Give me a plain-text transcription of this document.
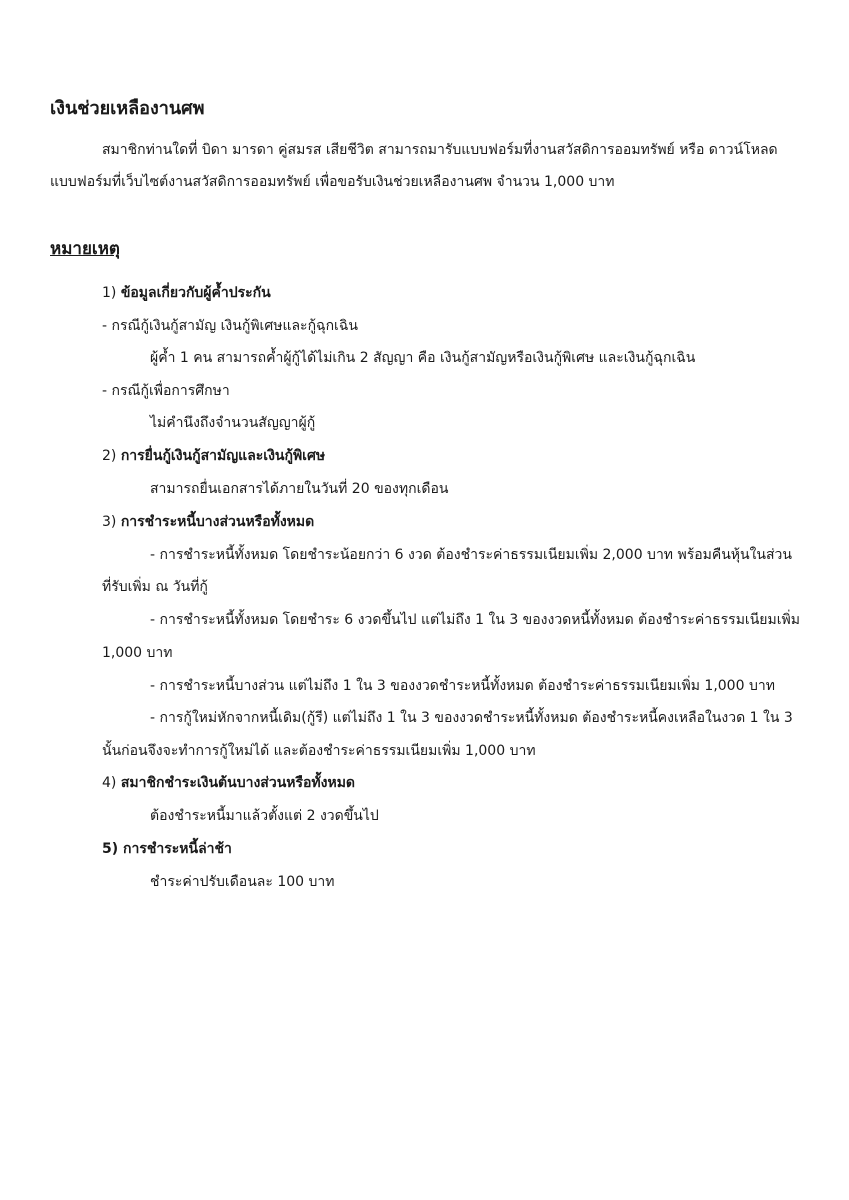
เงินช่วยเหลืองานศพ
สมาชิกท่านใดที่ บิดา มารดา คู่สมรส เสียชีวิต สามารถมารับแบบฟอร์มที่งานสวัสดิการออมทรัพย์ หรือ ดาวน์โหลด
แบบฟอร์มที่เว็บไซต์งานสวัสดิการออมทรัพย์ เพื่อขอรับเงินช่วยเหลืองานศพ จำนวน 1,000 บาท
หมายเหตุ
1) ข้อมูลเกี่ยวกับผู้ค้ำประกัน
- กรณีกู้เงินกู้สามัญ เงินกู้พิเศษและกู้ฉุกเฉิน
ผู้ค้ำ 1 คน สามารถค้ำผู้กู้ได้ไม่เกิน 2 สัญญา คือ เงินกู้สามัญหรือเงินกู้พิเศษ และเงินกู้ฉุกเฉิน
- กรณีกู้เพื่อการศึกษา
ไม่คำนึงถึงจำนวนสัญญาผู้กู้
2) การยื่นกู้เงินกู้สามัญและเงินกู้พิเศษ
สามารถยื่นเอกสารได้ภายในวันที่ 20 ของทุกเดือน
3) การชำระหนี้บางส่วนหรือทั้งหมด
- การชำระหนี้ทั้งหมด โดยชำระน้อยกว่า 6 งวด ต้องชำระค่าธรรมเนียมเพิ่ม 2,000 บาท พร้อมคืนหุ้นในส่วน
ที่รับเพิ่ม ณ วันที่กู้
- การชำระหนี้ทั้งหมด โดยชำระ 6 งวดขึ้นไป แต่ไม่ถึง 1 ใน 3 ของงวดหนี้ทั้งหมด ต้องชำระค่าธรรมเนียมเพิ่ม
1,000 บาท
- การชำระหนี้บางส่วน แต่ไม่ถึง 1 ใน 3 ของงวดชำระหนี้ทั้งหมด ต้องชำระค่าธรรมเนียมเพิ่ม 1,000 บาท
- การกู้ใหม่หักจากหนี้เดิม(กู้รี) แต่ไม่ถึง 1 ใน 3 ของงวดชำระหนี้ทั้งหมด ต้องชำระหนี้คงเหลือในงวด 1 ใน 3
นั้นก่อนจึงจะทำการกู้ใหม่ได้ และต้องชำระค่าธรรมเนียมเพิ่ม 1,000 บาท
4) สมาชิกชำระเงินต้นบางส่วนหรือทั้งหมด
ต้องชำระหนี้มาแล้วตั้งแต่ 2 งวดขึ้นไป
5) การชำระหนี้ล่าช้า
ชำระค่าปรับเดือนละ 100 บาท
